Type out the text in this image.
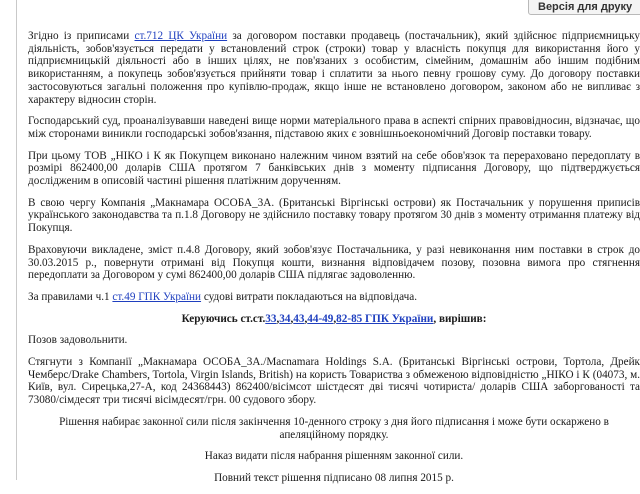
Версія для друку

Згідно із приписами ст.712 ЦК України за договором поставки продавець (постачальник), який здійснює підприємницьку діяльність, зобов'язується передати у встановлений строк (строки) товар у власність покупця для використання його у підприємницькій діяльності або в інших цілях, не пов'язаних з особистим, сімейним, домашнім або іншим подібним використанням, а покупець зобов'язується прийняти товар і сплатити за нього певну грошову суму. До договору поставки застосовуються загальні положення про купівлю-продаж, якщо інше не встановлено договором, законом або не випливає з характеру відносин сторін.

Господарський суд, проаналізувавши наведені вище норми матеріального права в аспекті спірних правовідносин, відзначає, що між сторонами виникли господарські зобов'язання, підставою яких є зовнішньоекономічний Договір поставки товару.

При цьому ТОВ „НІКО і К як Покупцем виконано належним чином взятий на себе обов'язок та перераховано передоплату в розмірі 862400,00 доларів США протягом 7 банківських днів з моменту підписання Договору, що підтверджується дослідженим в описовій частині рішення платіжним дорученням.

В свою чергу Компанія „Макнамара ОСОБА_3А. (Британські Віргінські острови) як Постачальник у порушення приписів українського законодавства та п.1.8 Договору не здійснило поставку товару протягом 30 днів з моменту отримання платежу від Покупця.

Враховуючи викладене, зміст п.4.8 Договору, який зобов'язує Постачальника, у разі невиконання ним поставки в строк до 30.03.2015 р., повернути отримані від Покупця кошти, визнання відповідачем позову, позовна вимога про стягнення передоплати за Договором у сумі 862400,00 доларів США підлягає задоволенню.

За правилами ч.1 ст.49 ГПК України судові витрати покладаються на відповідача.

Керуючись ст.ст.33,34,43,44-49,82-85 ГПК України, вирішив:

Позов задовольнити.

Стягнути з Компанії „Макнамара ОСОБА_3А./Macnamara Holdings S.A. (Британські Віргінські острови, Тортола, Дрейк Чемберс/Drake Chambers, Tortola, Virgin Islands, British) на користь Товариства з обмеженою відповідністю „НІКО і К (04073, м. Київ, вул. Сирецька,27-А, код 24368443) 862400/вісімсот шістдесят дві тисячі чотириста/ доларів США заборгованості та 73080/сімдесят три тисячі вісімдесят/грн. 00 судового збору.

Рішення набирає законної сили після закінчення 10-денного строку з дня його підписання і може бути оскаржено в апеляційному порядку.

Наказ видати після набрання рішенням законної сили.

Повний текст рішення підписано 08 липня 2015 р.
